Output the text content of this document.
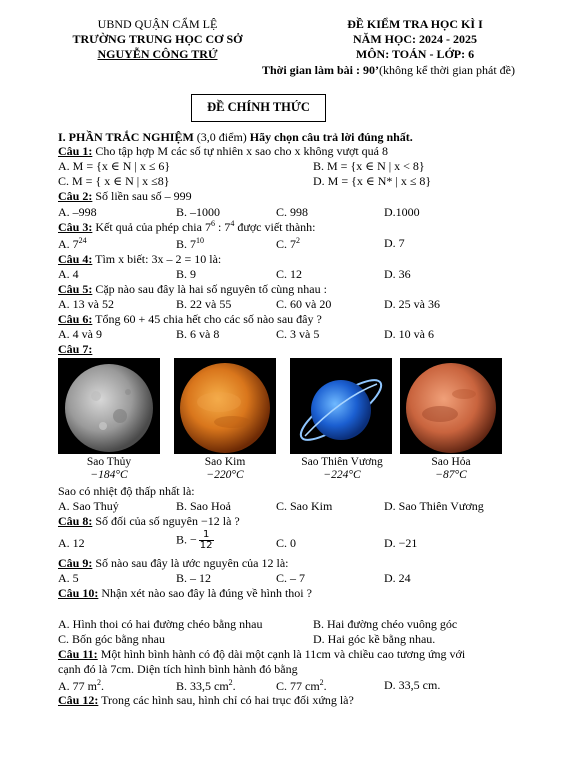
UBND QUẬN CẨM LỆ
TRƯỜNG TRUNG HỌC CƠ SỞ
NGUYỄN CÔNG TRỨ
ĐỀ KIỂM TRA HỌC KÌ I
NĂM HỌC: 2024 - 2025
MÔN: TOÁN - LỚP: 6
Thời gian làm bài : 90’(không kể thời gian phát đề)
ĐỀ CHÍNH THỨC
I. PHẦN TRẮC NGHIỆM (3,0 điểm) Hãy chọn câu trả lời đúng nhất.
Câu 1: Cho tập hợp M các số tự nhiên x sao cho x không vượt quá 8
A. M = {x ∈ N | x ≤ 6}	B. M = {x ∈ N | x < 8}
C. M = { x ∈ N | x ≤8}	D. M = {x ∈ N* | x ≤ 8}
Câu 2: Số liền sau số – 999
A. –998	B. –1000	C. 998	D.1000
Câu 3: Kết quả của phép chia $7^6$ : $7^4$ được viết thành:
A. $7^{24}$	B. $7^{10}$	C. $7^2$	D. 7
Câu 4: Tìm x biết: 3x – 2 = 10 là:
A. 4	B. 9	C. 12	D. 36
Câu 5: Cặp nào sau đây là hai số nguyên tố cùng nhau :
A. 13 và 52	B. 22 và 55	C. 60 và 20	D. 25 và 36
Câu 6: Tổng 60 + 45 chia hết cho các số nào sau đây ?
A. 4 và 9	B. 6 và 8	C. 3 và 5	D. 10 và 6
Câu 7:
Sao Thủy
−184°C
Sao Kim
−220°C
Sao Thiên Vương
−224°C
Sao Hỏa
−87°C
Sao có nhiệt độ thấp nhất là:
A. Sao Thuỷ	B. Sao Hoả	C. Sao Kim	D. Sao Thiên Vương
Câu 8: Số đối của số nguyên −12 là ?
A. 12	B. − $\frac{1}{12}$	C. 0	D. −21
Câu 9: Số nào sau đây là ước nguyên của 12 là:
A. 5	B. – 12	C. – 7	D. 24
Câu 10: Nhận xét nào sao đây là đúng về hình thoi ?
A. Hình thoi có hai đường chéo bằng nhau	B. Hai đường chéo vuông góc
C. Bốn góc bằng nhau	D. Hai góc kề bằng nhau.
Câu 11: Một hình bình hành có độ dài một cạnh là 11cm và chiều cao tương ứng với
cạnh đó là 7cm. Diện tích hình bình hành đó bằng
A. 77 $m^2$.	B. 33,5 $cm^2$.	C. 77 $cm^2$.	D. 33,5 cm.
Câu 12: Trong các hình sau, hình chỉ có hai trục đối xứng là?
